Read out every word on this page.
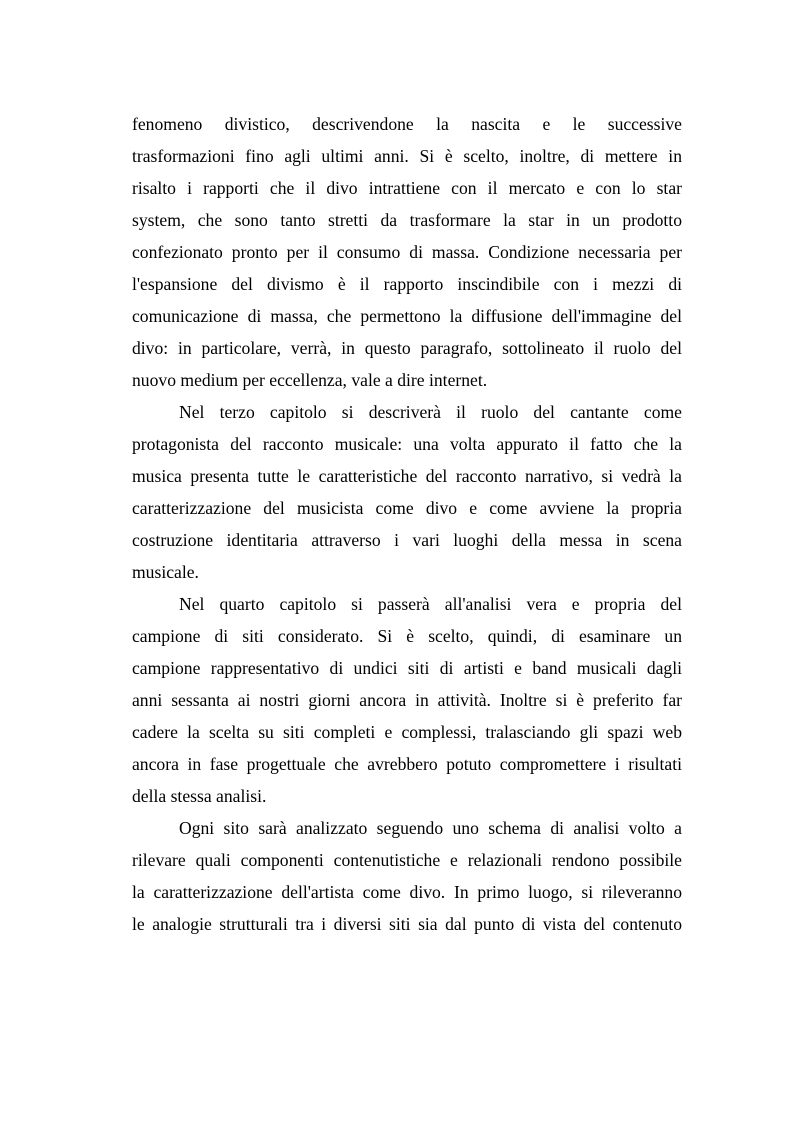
fenomeno divistico, descrivendone la nascita e le successive
trasformazioni fino agli ultimi anni. Si è scelto, inoltre, di mettere in
risalto i rapporti che il divo intrattiene con il mercato e con lo star
system, che sono tanto stretti da trasformare la star in un prodotto
confezionato pronto per il consumo di massa. Condizione necessaria per
l'espansione del divismo è il rapporto inscindibile con i mezzi di
comunicazione di massa, che permettono la diffusione dell'immagine del
divo: in particolare, verrà, in questo paragrafo, sottolineato il ruolo del
nuovo medium per eccellenza, vale a dire internet.
Nel terzo capitolo si descriverà il ruolo del cantante come
protagonista del racconto musicale: una volta appurato il fatto che la
musica presenta tutte le caratteristiche del racconto narrativo, si vedrà la
caratterizzazione del musicista come divo e come avviene la propria
costruzione identitaria attraverso i vari luoghi della messa in scena
musicale.
Nel quarto capitolo si passerà all'analisi vera e propria del
campione di siti considerato. Si è scelto, quindi, di esaminare un
campione rappresentativo di undici siti di artisti e band musicali dagli
anni sessanta ai nostri giorni ancora in attività. Inoltre si è preferito far
cadere la scelta su siti completi e complessi, tralasciando gli spazi web
ancora in fase progettuale che avrebbero potuto compromettere i risultati
della stessa analisi.
Ogni sito sarà analizzato seguendo uno schema di analisi volto a
rilevare quali componenti contenutistiche e relazionali rendono possibile
la caratterizzazione dell'artista come divo. In primo luogo, si rileveranno
le analogie strutturali tra i diversi siti sia dal punto di vista del contenuto
